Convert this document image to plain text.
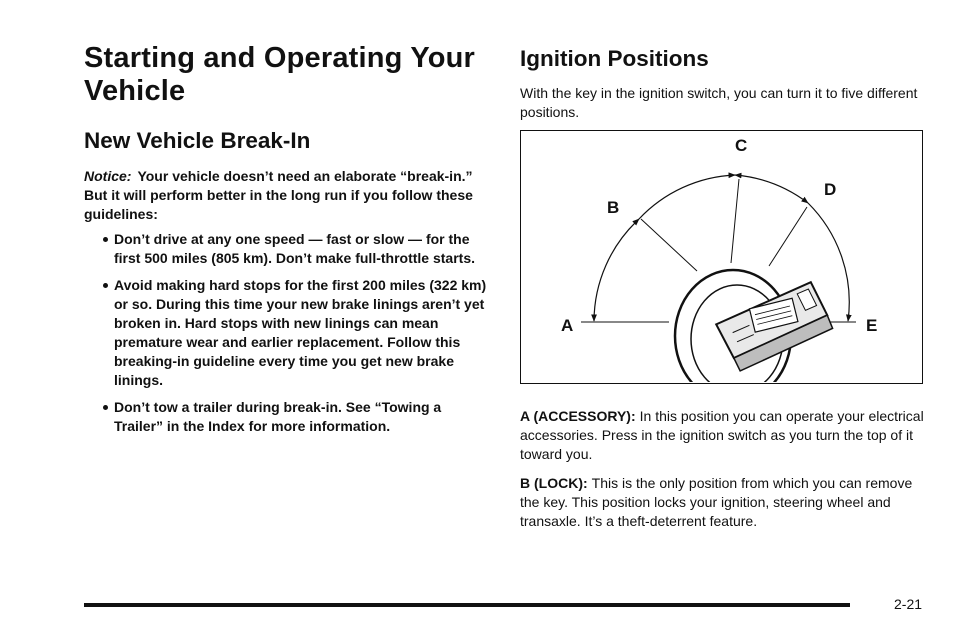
Starting and Operating Your Vehicle
New Vehicle Break-In
Notice: Your vehicle doesn’t need an elaborate “break-in.” But it will perform better in the long run if you follow these guidelines:
Don’t drive at any one speed — fast or slow — for the first 500 miles (805 km). Don’t make full-throttle starts.
Avoid making hard stops for the first 200 miles (322 km) or so. During this time your new brake linings aren’t yet broken in. Hard stops with new linings can mean premature wear and earlier replacement. Follow this breaking-in guideline every time you get new brake linings.
Don’t tow a trailer during break-in. See “Towing a Trailer” in the Index for more information.
Ignition Positions
With the key in the ignition switch, you can turn it to five different positions.
A
B
C
D
E

A (ACCESSORY): In this position you can operate your electrical accessories. Press in the ignition switch as you turn the top of it toward you.

B (LOCK): This is the only position from which you can remove the key. This position locks your ignition, steering wheel and transaxle. It’s a theft-deterrent feature.

2-21
